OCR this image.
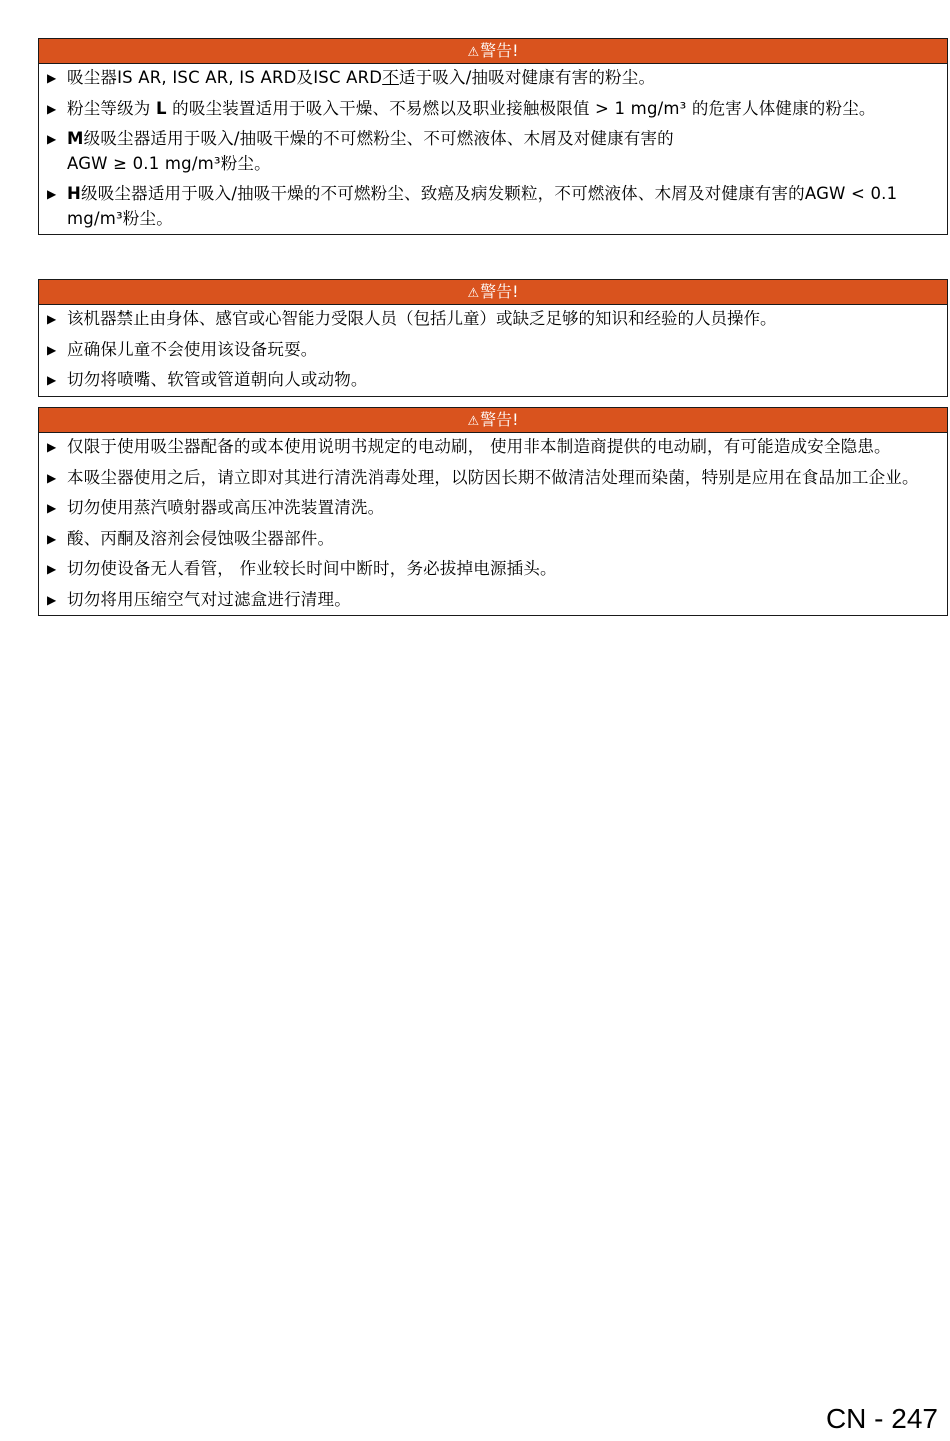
⚠警告!
▶ 吸尘器IS AR, ISC AR, IS ARD及ISC ARD不适于吸入/抽吸对健康有害的粉尘。
▶ 粉尘等级为 L 的吸尘装置适用于吸入干燥、不易燃以及职业接触极限值 > 1 mg/m³ 的危害人体健康的粉尘。
▶ M级吸尘器适用于吸入/抽吸干燥的不可燃粉尘、不可燃液体、木屑及对健康有害的
AGW ≥ 0.1 mg/m³粉尘。
▶ H级吸尘器适用于吸入/抽吸干燥的不可燃粉尘、致癌及病发颗粒，不可燃液体、木屑及对健康有害的AGW < 0.1 mg/m³粉尘。
⚠警告!
▶ 该机器禁止由身体、感官或心智能力受限人员（包括儿童）或缺乏足够的知识和经验的人员操作。
▶ 应确保儿童不会使用该设备玩耍。
▶ 切勿将喷嘴、软管或管道朝向人或动物。
⚠警告!
▶ 仅限于使用吸尘器配备的或本使用说明书规定的电动刷， 使用非本制造商提供的电动刷，有可能造成安全隐患。
▶ 本吸尘器使用之后，请立即对其进行清洗消毒处理，以防因长期不做清洁处理而染菌，特别是应用在食品加工企业。
▶ 切勿使用蒸汽喷射器或高压冲洗装置清洗。
▶ 酸、丙酮及溶剂会侵蚀吸尘器部件。
▶ 切勿使设备无人看管， 作业较长时间中断时，务必拔掉电源插头。
▶ 切勿将用压缩空气对过滤盒进行清理。
CN - 247
